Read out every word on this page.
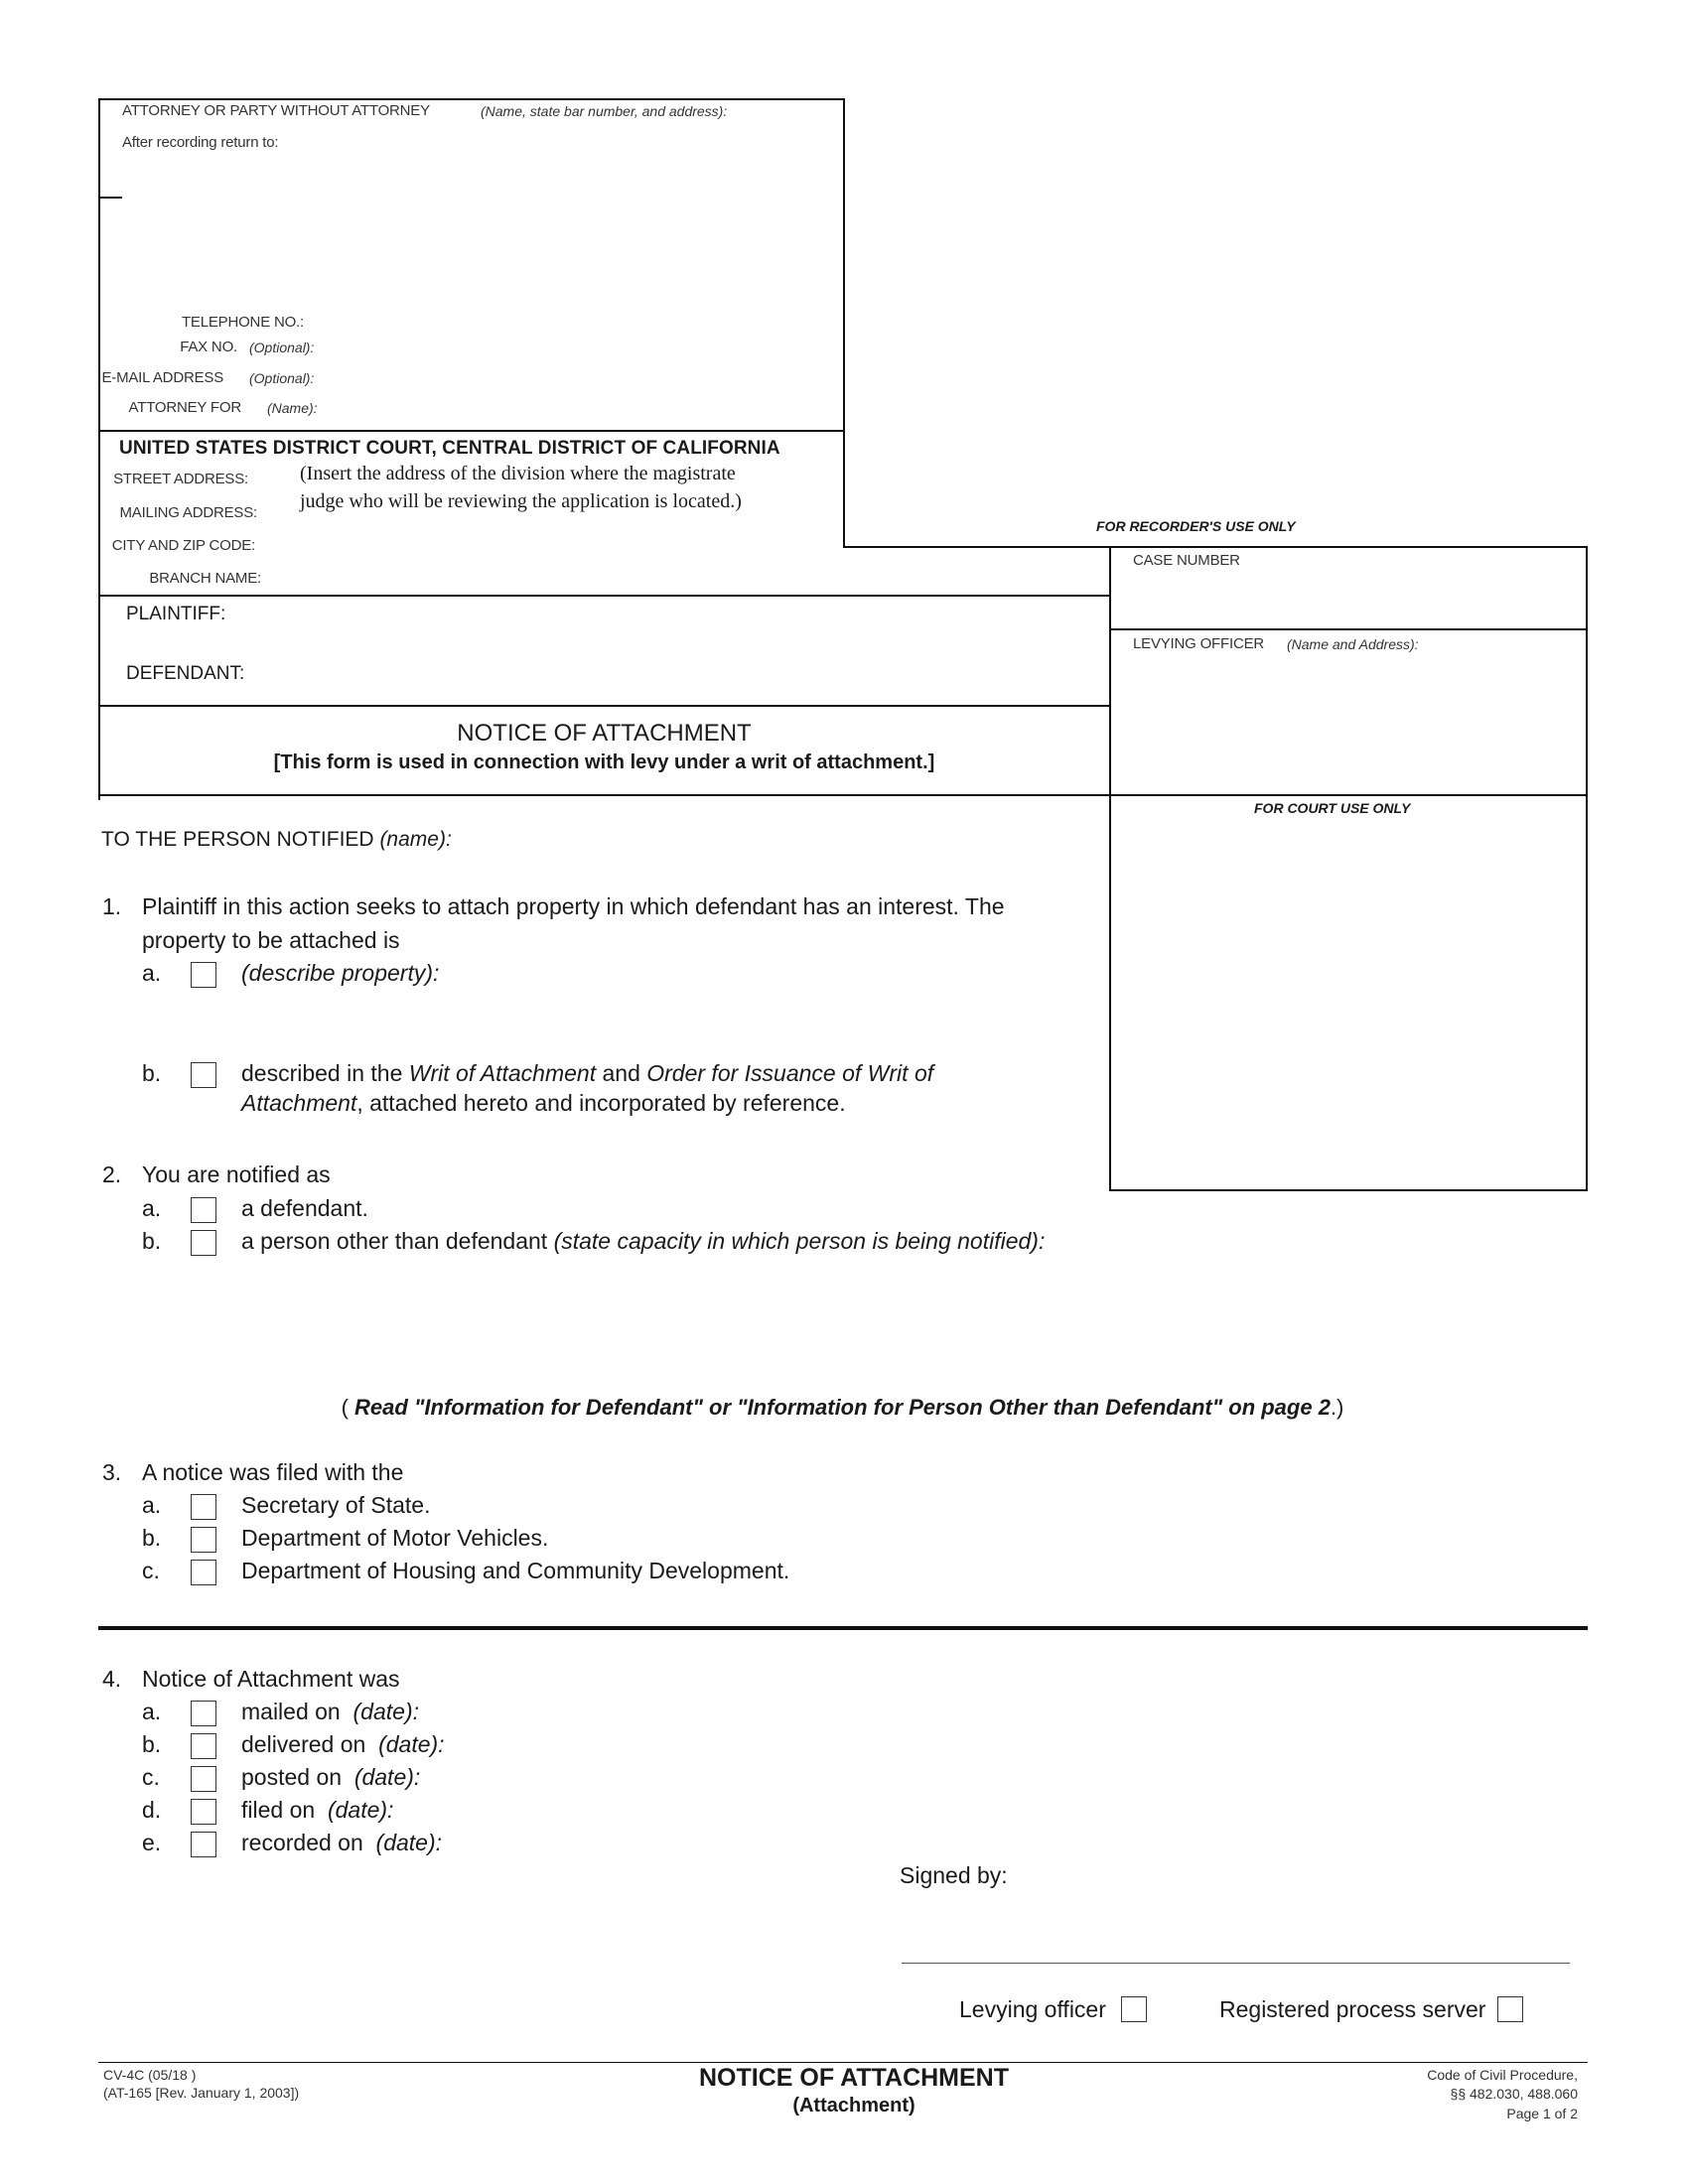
ATTORNEY OR PARTY WITHOUT ATTORNEY	(Name, state bar number, and address):
After recording return to:
TELEPHONE NO.:
FAX NO. (Optional):
E-MAIL ADDRESS (Optional):
ATTORNEY FOR (Name):
UNITED STATES DISTRICT COURT, CENTRAL DISTRICT OF CALIFORNIA
STREET ADDRESS:
MAILING ADDRESS:
CITY AND ZIP CODE:
BRANCH NAME:
(Insert the address of the division where the magistrate
judge who will be reviewing the application is located.)
FOR RECORDER'S USE ONLY
CASE NUMBER
LEVYING OFFICER (Name and Address):
FOR COURT USE ONLY
PLAINTIFF:
DEFENDANT:
NOTICE OF ATTACHMENT
[This form is used in connection with levy under a writ of attachment.]
TO THE PERSON NOTIFIED (name):
1. Plaintiff in this action seeks to attach property in which defendant has an interest. The
property to be attached is
a.	(describe property):
b.	described in the Writ of Attachment and Order for Issuance of Writ of
Attachment, attached hereto and incorporated by reference.
2. You are notified as
a.	a defendant.
b.	a person other than defendant (state capacity in which person is being notified):
( Read "Information for Defendant" or "Information for Person Other than Defendant" on page 2.)
3. A notice was filed with the
a.	Secretary of State.
b.	Department of Motor Vehicles.
c.	Department of Housing and Community Development.
4. Notice of Attachment was
a.	mailed on (date):
b.	delivered on (date):
c.	posted on (date):
d.	filed on (date):
e.	recorded on (date):
Signed by:
Levying officer	Registered process server
CV-4C (05/18 )
(AT-165 [Rev. January 1, 2003])
NOTICE OF ATTACHMENT
(Attachment)
Code of Civil Procedure,
§§ 482.030, 488.060
Page 1 of 2
